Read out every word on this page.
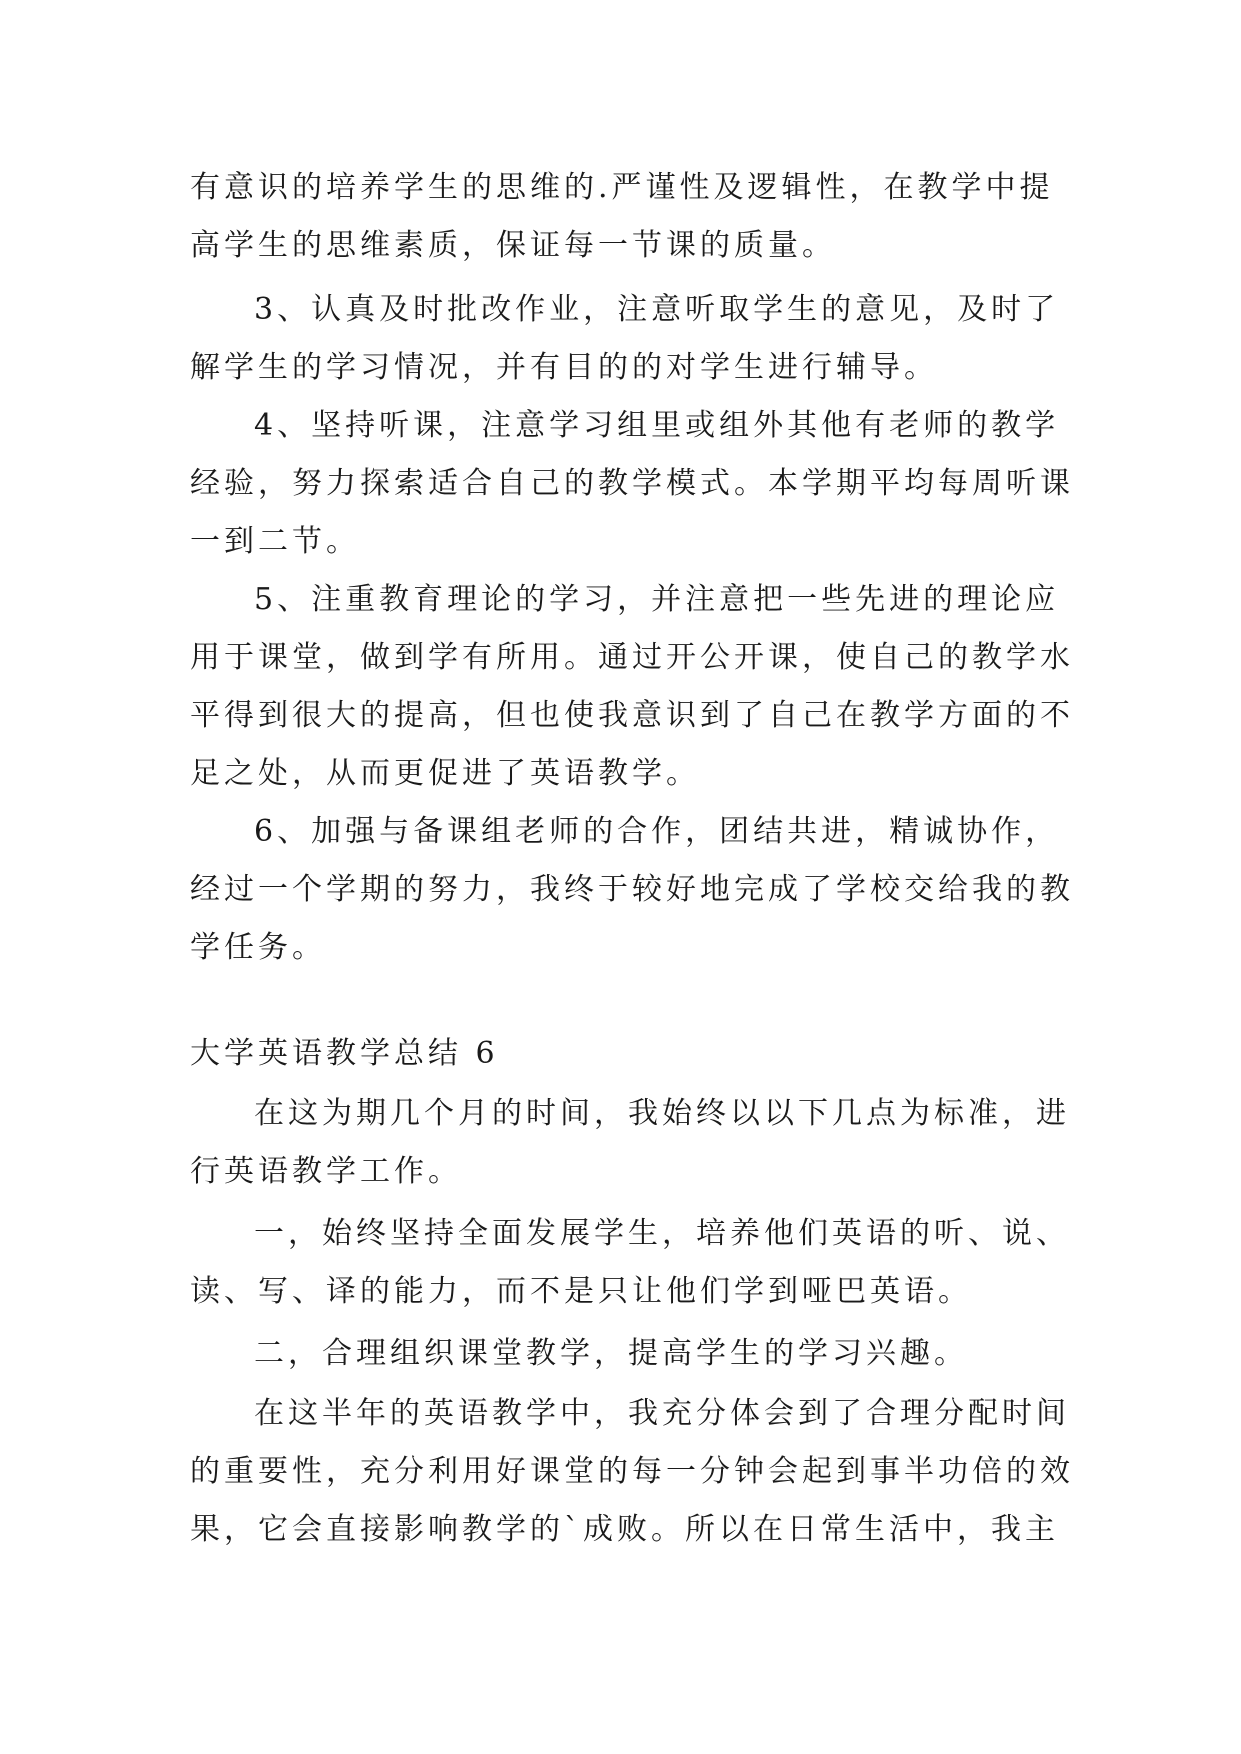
有意识的培养学生的思维的.严谨性及逻辑性，在教学中提
高学生的思维素质，保证每一节课的质量。
3、认真及时批改作业，注意听取学生的意见，及时了
解学生的学习情况，并有目的的对学生进行辅导。
4、坚持听课，注意学习组里或组外其他有老师的教学
经验，努力探索适合自己的教学模式。本学期平均每周听课
一到二节。
5、注重教育理论的学习，并注意把一些先进的理论应
用于课堂，做到学有所用。通过开公开课，使自己的教学水
平得到很大的提高，但也使我意识到了自己在教学方面的不
足之处，从而更促进了英语教学。
6、加强与备课组老师的合作，团结共进，精诚协作，
经过一个学期的努力，我终于较好地完成了学校交给我的教
学任务。
大学英语教学总结 6
在这为期几个月的时间，我始终以以下几点为标准，进
行英语教学工作。
一，始终坚持全面发展学生，培养他们英语的听、说、
读、写、译的能力，而不是只让他们学到哑巴英语。
二，合理组织课堂教学，提高学生的学习兴趣。
在这半年的英语教学中，我充分体会到了合理分配时间
的重要性，充分利用好课堂的每一分钟会起到事半功倍的效
果，它会直接影响教学的`成败。所以在日常生活中，我主
